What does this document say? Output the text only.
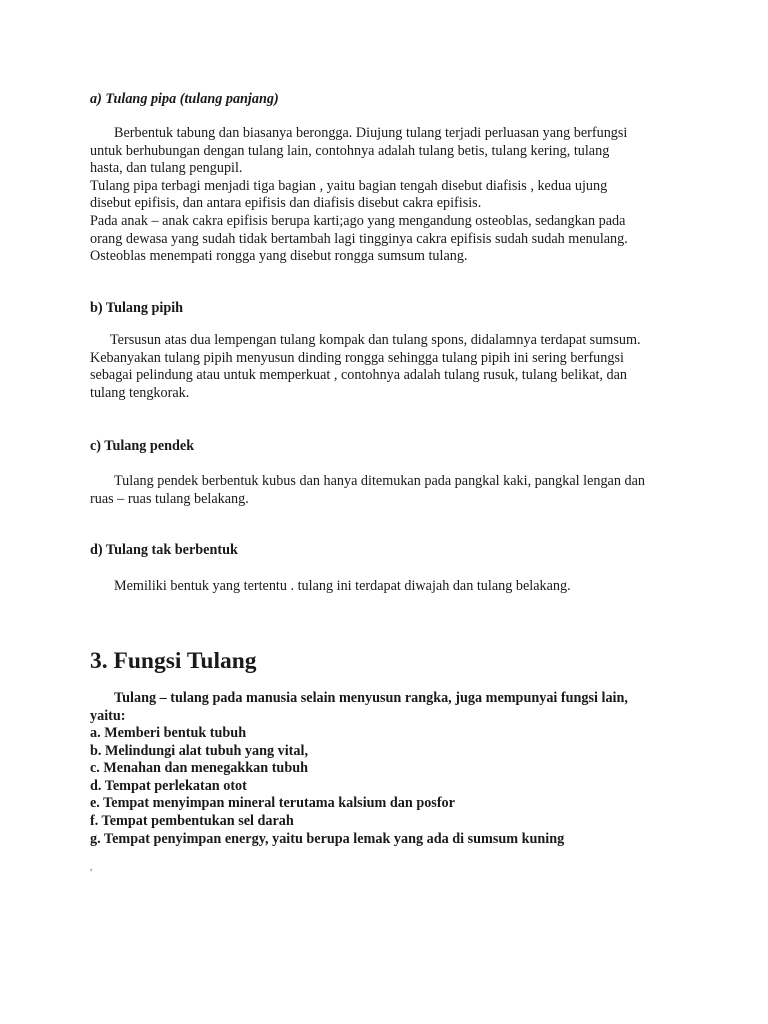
a) Tulang pipa (tulang panjang)
Berbentuk tabung dan biasanya berongga. Diujung tulang terjadi perluasan yang berfungsi
untuk berhubungan dengan tulang lain, contohnya adalah tulang betis, tulang kering, tulang
hasta, dan tulang pengupil.
Tulang pipa terbagi menjadi tiga bagian , yaitu bagian tengah disebut diafisis , kedua ujung
disebut epifisis, dan antara epifisis dan diafisis disebut cakra epifisis.
Pada anak – anak cakra epifisis berupa karti;ago yang mengandung osteoblas, sedangkan pada
orang dewasa yang sudah tidak bertambah lagi tingginya cakra epifisis sudah sudah menulang.
Osteoblas menempati rongga yang disebut rongga sumsum tulang.
b) Tulang pipih
Tersusun atas dua lempengan tulang kompak dan tulang spons, didalamnya terdapat sumsum.
Kebanyakan tulang pipih menyusun dinding rongga sehingga tulang pipih ini sering berfungsi
sebagai pelindung atau untuk memperkuat , contohnya adalah tulang rusuk, tulang belikat, dan
tulang tengkorak.
c) Tulang pendek
Tulang pendek berbentuk kubus dan hanya ditemukan pada pangkal kaki, pangkal lengan dan
ruas – ruas tulang belakang.
d) Tulang tak berbentuk
Memiliki bentuk yang tertentu . tulang ini terdapat diwajah dan tulang belakang.
3. Fungsi Tulang
Tulang – tulang pada manusia selain menyusun rangka, juga mempunyai fungsi lain,
yaitu:
a. Memberi bentuk tubuh
b. Melindungi alat tubuh yang vital,
c. Menahan dan menegakkan tubuh
d. Tempat perlekatan otot
e. Tempat menyimpan mineral terutama kalsium dan posfor
f. Tempat pembentukan sel darah
g. Tempat penyimpan energy, yaitu berupa lemak yang ada di sumsum kuning
,
